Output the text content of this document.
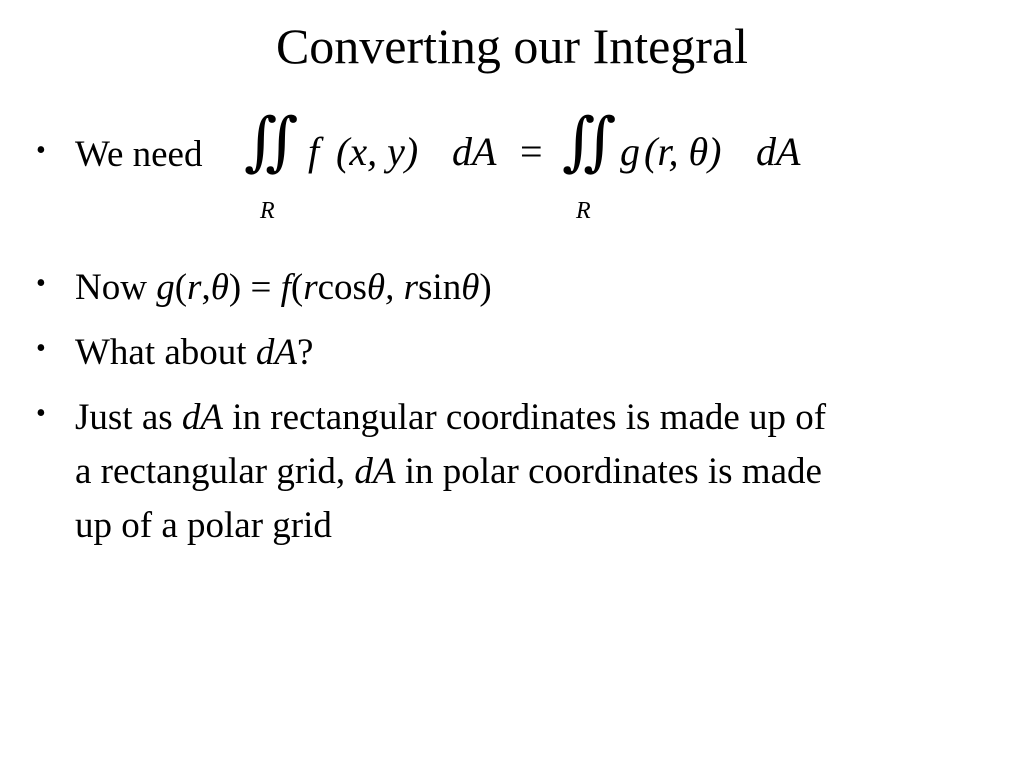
Converting our Integral
• We need ∬
R
f (x, y) dA = ∬
R
g (r, θ) dA
• Now g(r,θ) = f(rcosθ, rsinθ)
• What about dA?
• Just as dA in rectangular coordinates is made up of
a rectangular grid, dA in polar coordinates is made
up of a polar grid
